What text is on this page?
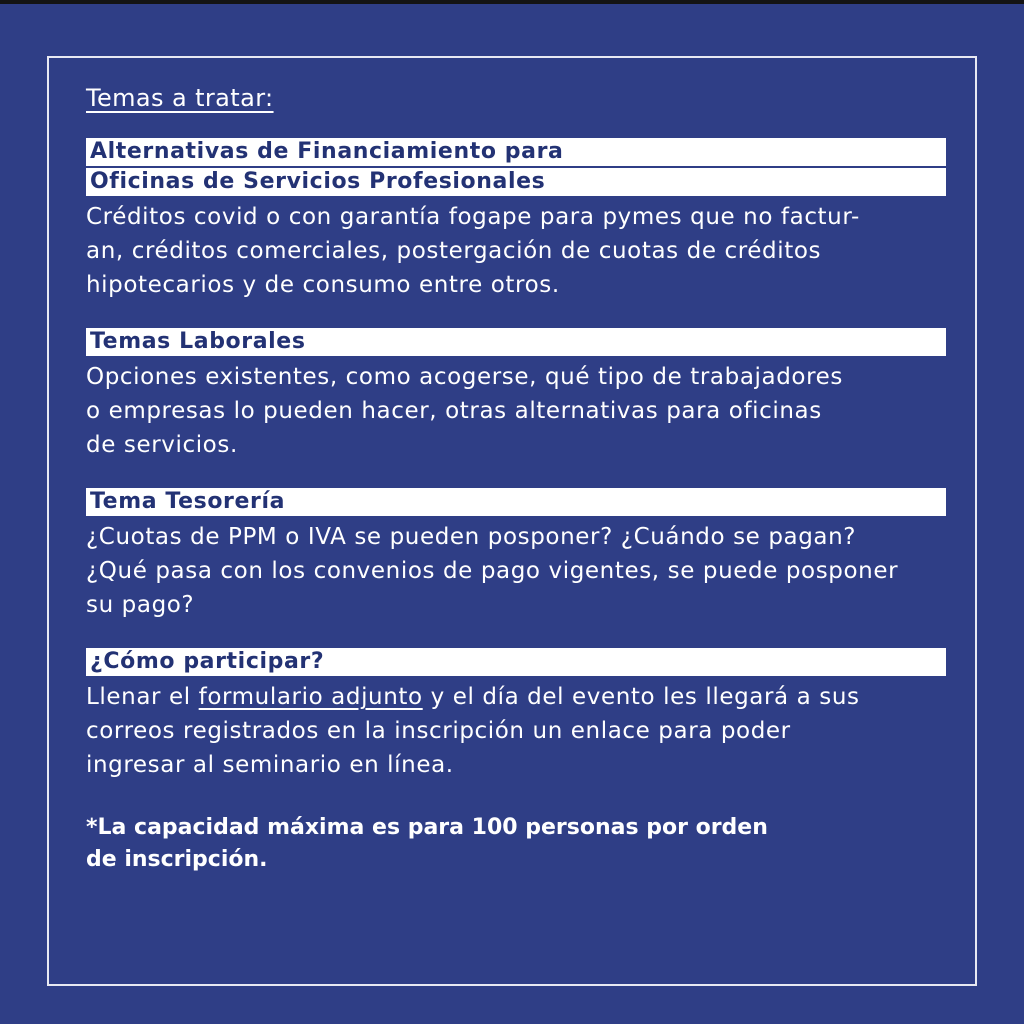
Temas a tratar:
Alternativas de Financiamiento para
Oficinas de Servicios Profesionales

Créditos covid o con garantía fogape para pymes que no factur-
an, créditos comerciales, postergación de cuotas de créditos
hipotecarios y de consumo entre otros.

Temas Laborales

Opciones existentes, como acogerse, qué tipo de trabajadores
o empresas lo pueden hacer, otras alternativas para oficinas
de servicios.

Tema Tesorería

¿Cuotas de PPM o IVA se pueden posponer? ¿Cuándo se pagan?
¿Qué pasa con los convenios de pago vigentes, se puede posponer
su pago?

¿Cómo participar?

Llenar el formulario adjunto y el día del evento les llegará a sus
correos registrados en la inscripción un enlace para poder
ingresar al seminario en línea.

*La capacidad máxima es para 100 personas por orden
de inscripción.
